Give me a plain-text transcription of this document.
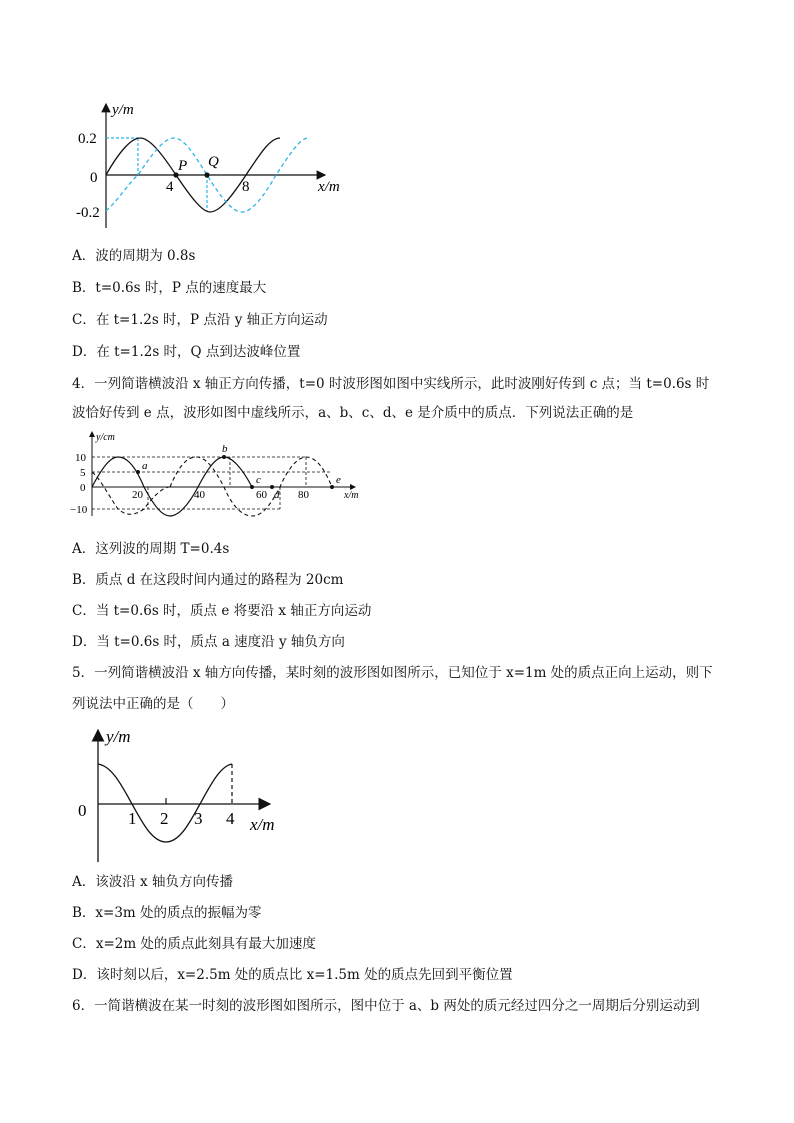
y/m
0.2
0
-0.2
4	8
P Q
x/m
A．波的周期为 0.8s
B．t=0.6s 时，P 点的速度最大
C．在 t=1.2s 时，P 点沿 y 轴正方向运动
D．在 t=1.2s 时，Q 点到达波峰位置
4．一列简谐横波沿 x 轴正方向传播，t=0 时波形图如图中实线所示，此时波刚好传到 c 点；当 t=0.6s 时
波恰好传到 e 点，波形如图中虚线所示，a、b、c、d、e 是介质中的质点．下列说法正确的是
y/cm
10
5
0
−10
20	40	60	80
a
b
c
d
e
x/m
A．这列波的周期 T=0.4s
B．质点 d 在这段时间内通过的路程为 20cm
C．当 t=0.6s 时，质点 e 将要沿 x 轴正方向运动
D．当 t=0.6s 时，质点 a 速度沿 y 轴负方向
5．一列简谐横波沿 x 轴方向传播，某时刻的波形图如图所示，已知位于 x=1m 处的质点正向上运动，则下
列说法中正确的是（　　）
y/m
0 1 2 3 4 x/m
A．该波沿 x 轴负方向传播
B．x=3m 处的质点的振幅为零
C．x=2m 处的质点此刻具有最大加速度
D．该时刻以后，x=2.5m 处的质点比 x=1.5m 处的质点先回到平衡位置
6．一简谐横波在某一时刻的波形图如图所示，图中位于 a、b 两处的质元经过四分之一周期后分别运动到
